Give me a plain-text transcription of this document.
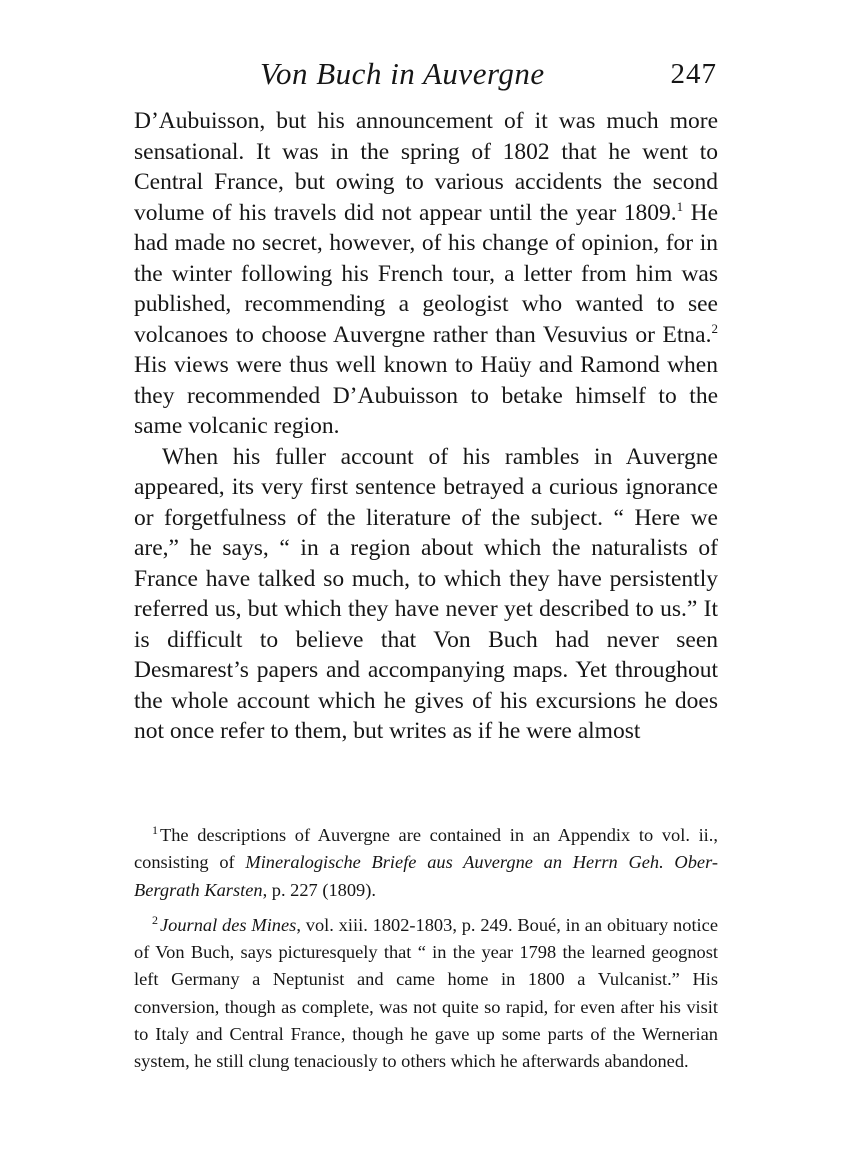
Von Buch in Auvergne	247

D’Aubuisson, but his announcement of it was much more sensational. It was in the spring of 1802 that he went to Central France, but owing to various accidents the second volume of his travels did not appear until the year 1809.$^1$ He had made no secret, however, of his change of opinion, for in the winter following his French tour, a letter from him was published, recommending a geologist who wanted to see volcanoes to choose Auvergne rather than Vesuvius or Etna.$^2$ His views were thus well known to Haüy and Ramond when they recommended D’Aubuisson to betake himself to the same volcanic region.

When his fuller account of his rambles in Auvergne appeared, its very first sentence betrayed a curious ignorance or forgetfulness of the literature of the subject. “ Here we are,” he says, “ in a region about which the naturalists of France have talked so much, to which they have persistently referred us, but which they have never yet described to us.” It is difficult to believe that Von Buch had never seen Desmarest’s papers and accompanying maps. Yet throughout the whole account which he gives of his excursions he does not once refer to them, but writes as if he were almost

$^1$ The descriptions of Auvergne are contained in an Appendix to vol. ii., consisting of Mineralogische Briefe aus Auvergne an Herrn Geh. Ober-Bergrath Karsten, p. 227 (1809).

$^2$ Journal des Mines, vol. xiii. 1802-1803, p. 249. Boué, in an obituary notice of Von Buch, says picturesquely that “ in the year 1798 the learned geognost left Germany a Neptunist and came home in 1800 a Vulcanist.” His conversion, though as complete, was not quite so rapid, for even after his visit to Italy and Central France, though he gave up some parts of the Wernerian system, he still clung tenaciously to others which he afterwards abandoned.
